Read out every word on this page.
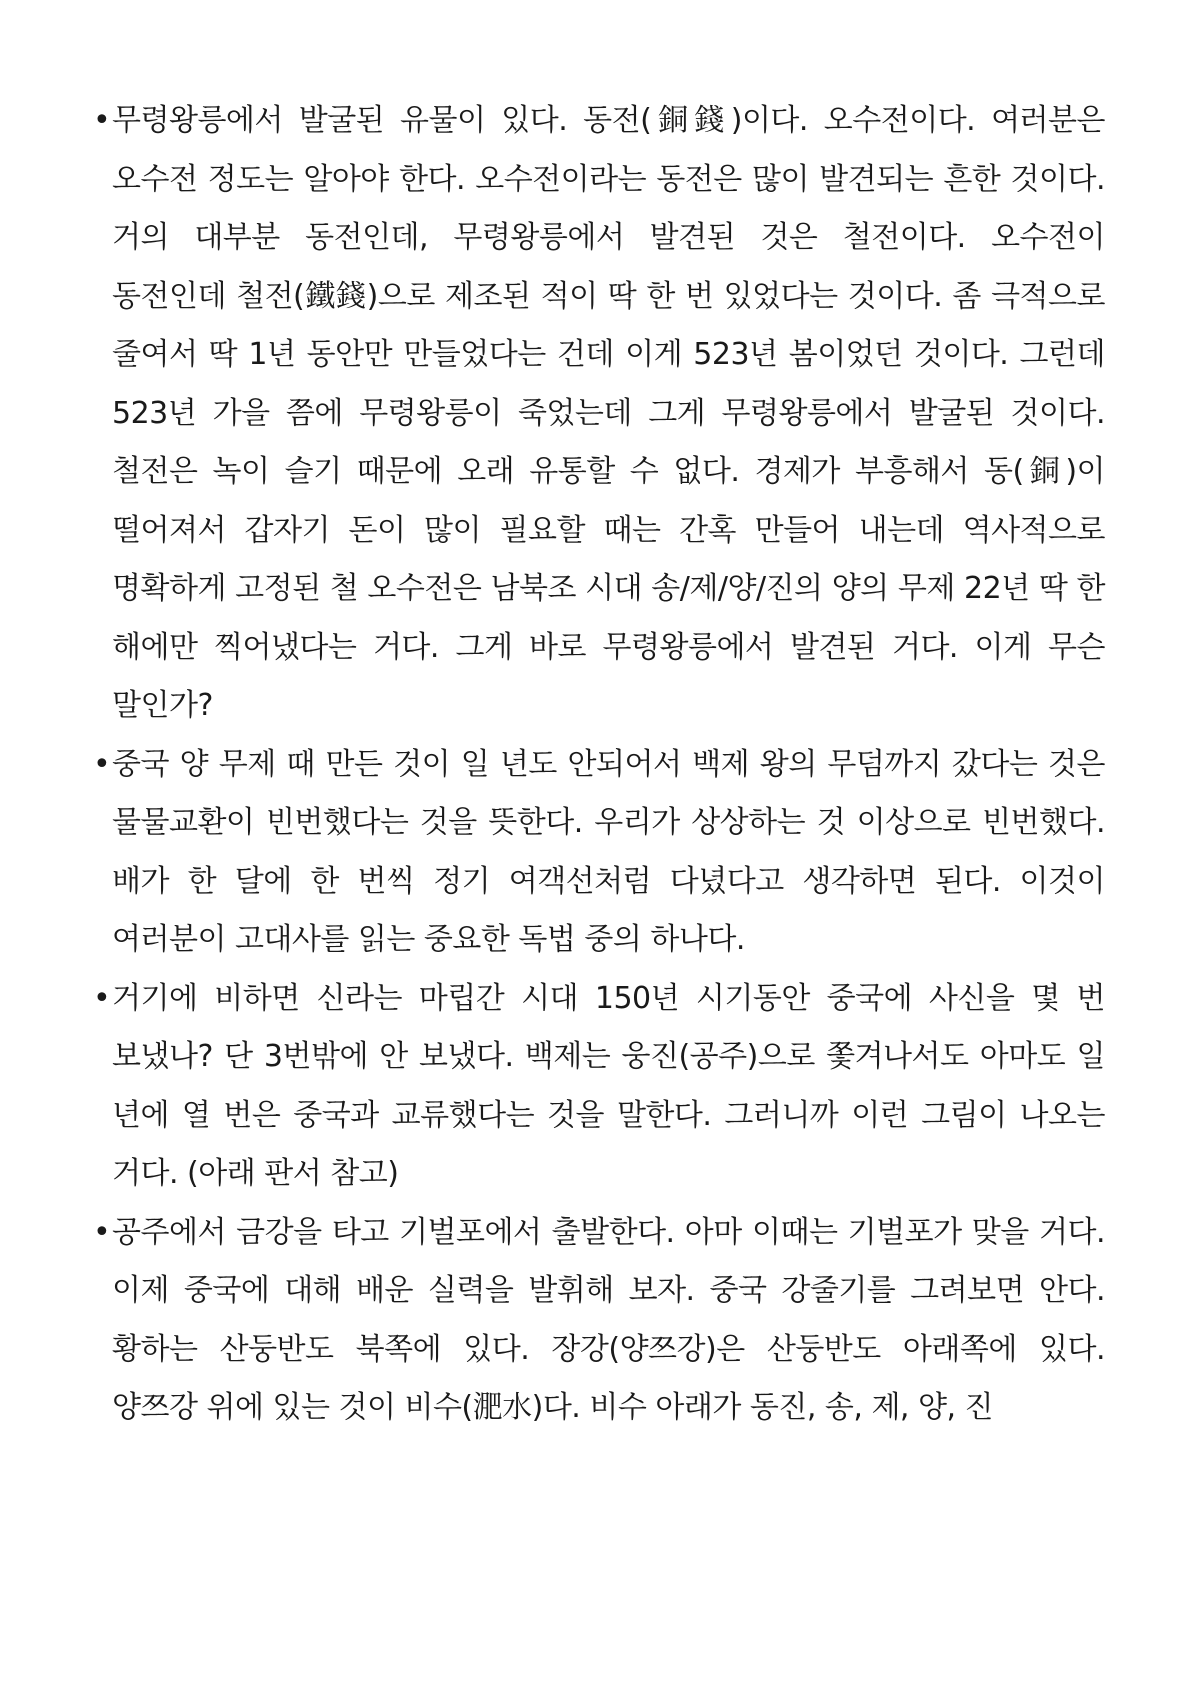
• 무령왕릉에서 발굴된 유물이 있다. 동전(銅錢)이다. 오수전이다. 여러분은 오수전 정도는 알아야 한다. 오수전이라는 동전은 많이 발견되는 흔한 것이다. 거의 대부분 동전인데, 무령왕릉에서 발견된 것은 철전이다. 오수전이 동전인데 철전(鐵錢)으로 제조된 적이 딱 한 번 있었다는 것이다. 좀 극적으로 줄여서 딱 1년 동안만 만들었다는 건데 이게 523년 봄이었던 것이다. 그런데 523년 가을 쯤에 무령왕릉이 죽었는데 그게 무령왕릉에서 발굴된 것이다. 철전은 녹이 슬기 때문에 오래 유통할 수 없다. 경제가 부흥해서 동(銅)이 떨어져서 갑자기 돈이 많이 필요할 때는 간혹 만들어 내는데 역사적으로 명확하게 고정된 철 오수전은 남북조 시대 송/제/양/진의 양의 무제 22년 딱 한 해에만 찍어냈다는 거다. 그게 바로 무령왕릉에서 발견된 거다. 이게 무슨 말인가?
• 중국 양 무제 때 만든 것이 일 년도 안되어서 백제 왕의 무덤까지 갔다는 것은 물물교환이 빈번했다는 것을 뜻한다. 우리가 상상하는 것 이상으로 빈번했다. 배가 한 달에 한 번씩 정기 여객선처럼 다녔다고 생각하면 된다. 이것이 여러분이 고대사를 읽는 중요한 독법 중의 하나다.
• 거기에 비하면 신라는 마립간 시대 150년 시기동안 중국에 사신을 몇 번 보냈나? 단 3번밖에 안 보냈다. 백제는 웅진(공주)으로 쫓겨나서도 아마도 일 년에 열 번은 중국과 교류했다는 것을 말한다. 그러니까 이런 그림이 나오는 거다. (아래 판서 참고)
• 공주에서 금강을 타고 기벌포에서 출발한다. 아마 이때는 기벌포가 맞을 거다. 이제 중국에 대해 배운 실력을 발휘해 보자. 중국 강줄기를 그려보면 안다. 황하는 산둥반도 북쪽에 있다. 장강(양쯔강)은 산둥반도 아래쪽에 있다. 양쯔강 위에 있는 것이 비수(淝水)다. 비수 아래가 동진, 송, 제, 양, 진
